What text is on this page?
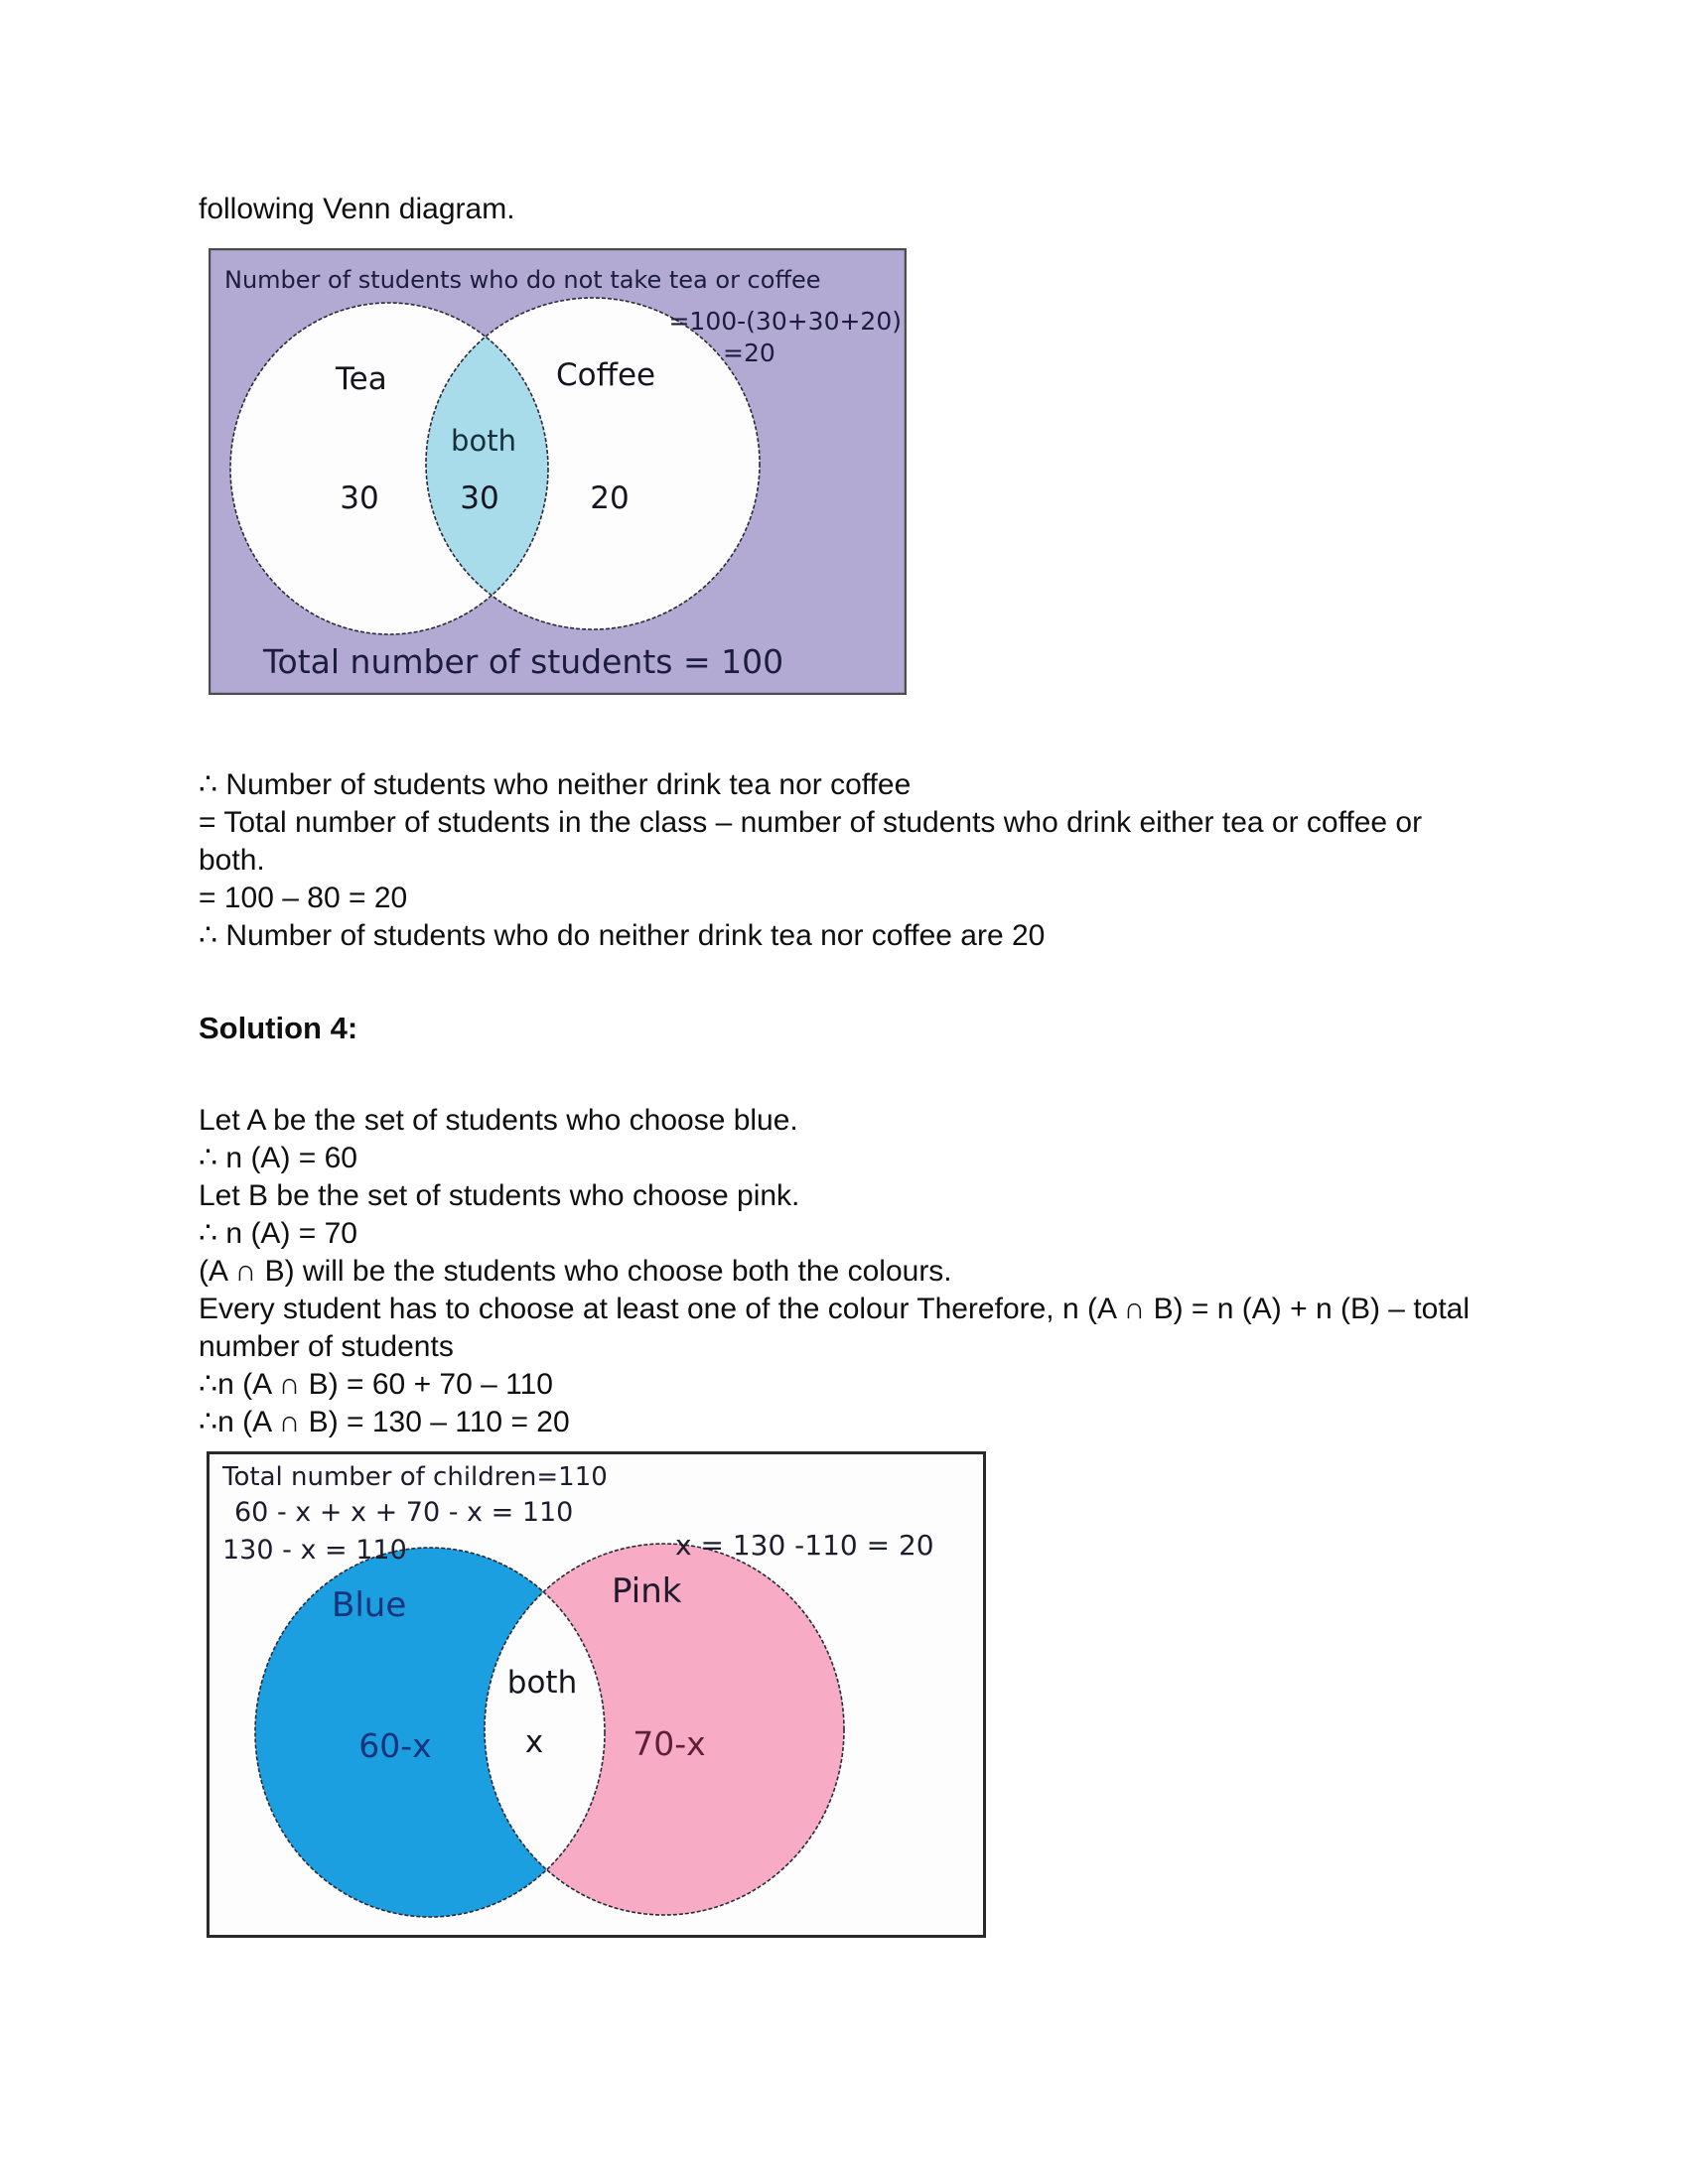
following Venn diagram.
Number of students who do not take tea or coffee
=100-(30+30+20)
=20
Tea	Coffee
both
30	30	20
Total number of students = 100
∴ Number of students who neither drink tea nor coffee
= Total number of students in the class – number of students who drink either tea or coffee or both.
= 100 – 80 = 20
∴ Number of students who do neither drink tea nor coffee are 20
Solution 4:
Let A be the set of students who choose blue.
∴ n (A) = 60
Let B be the set of students who choose pink.
∴ n (A) = 70
(A ∩ B) will be the students who choose both the colours.
Every student has to choose at least one of the colour Therefore, n (A ∩ B) = n (A) + n (B) – total number of students
∴n (A ∩ B) = 60 + 70 – 110
∴n (A ∩ B) = 130 – 110 = 20
Total number of children=110
60 - x + x + 70 - x = 110
130 - x = 110	x = 130 -110 = 20
Blue	Pink
both
x
60-x	70-x
